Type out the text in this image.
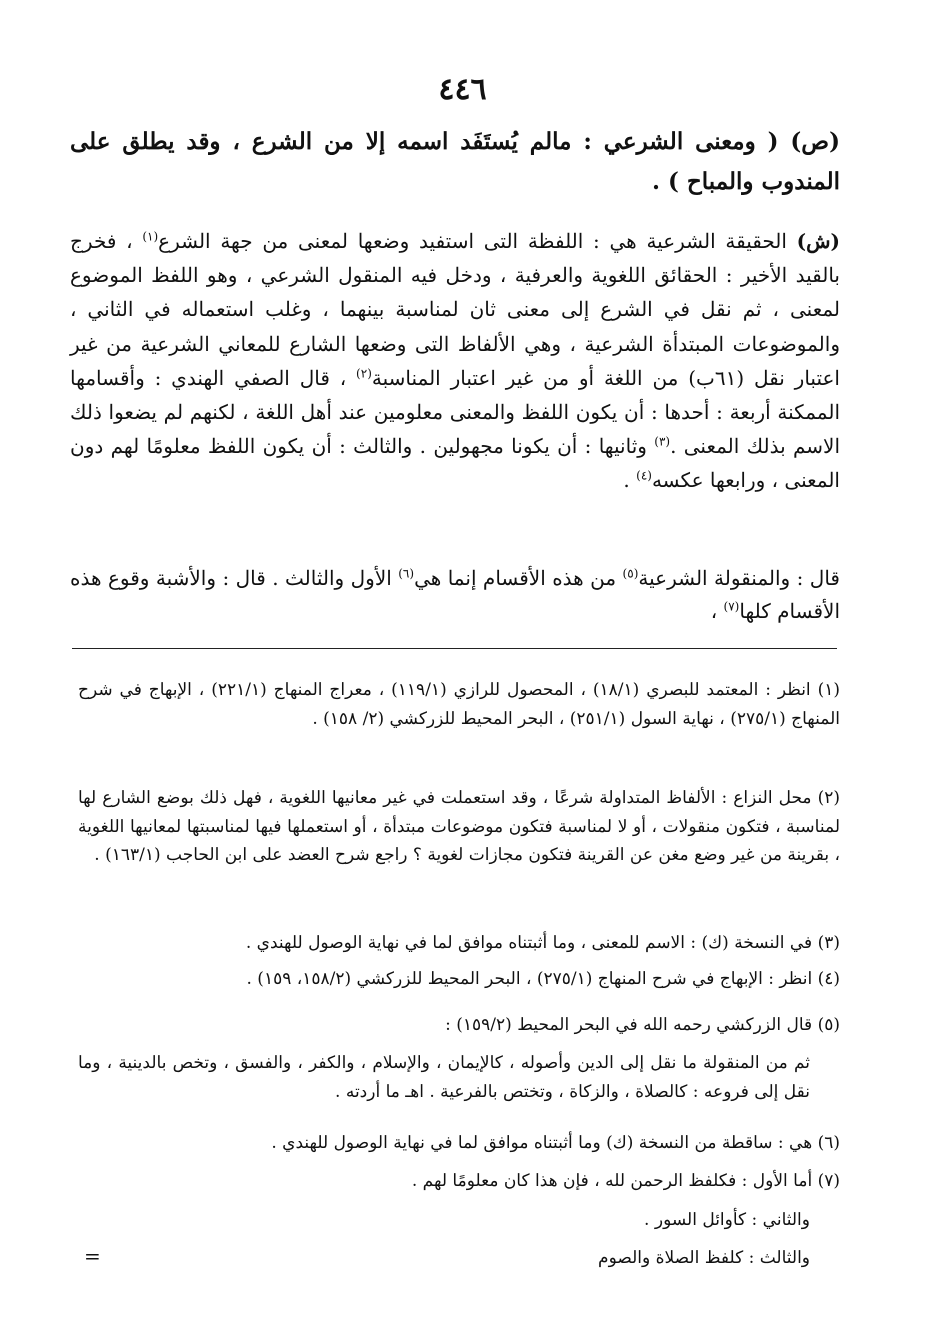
٤٤٦
(ص) ( ومعنى الشرعي : مالم يُستَفَد اسمه إلا من الشرع ، وقد يطلق على المندوب والمباح ) .
(ش) الحقيقة الشرعية هي : اللفظة التى استفيد وضعها لمعنى من جهة الشرع$^{(١)}$ ، فخرج بالقيد الأخير : الحقائق اللغوية والعرفية ، ودخل فيه المنقول الشرعي ، وهو اللفظ الموضوع لمعنى ، ثم نقل في الشرع إلى معنى ثان لمناسبة بينهما ، وغلب استعماله في الثاني ، والموضوعات المبتدأة الشرعية ، وهي الألفاظ التى وضعها الشارع للمعاني الشرعية من غير اعتبار نقل (٦١ب) من اللغة أو من غير اعتبار المناسبة$^{(٢)}$ ، قال الصفي الهندي : وأقسامها الممكنة أربعة : أحدها : أن يكون اللفظ والمعنى معلومين عند أهل اللغة ، لكنهم لم يضعوا ذلك الاسم بذلك المعنى .$^{(٣)}$ وثانيها : أن يكونا مجهولين . والثالث : أن يكون اللفظ معلومًا لهم دون المعنى ، ورابعها عكسه$^{(٤)}$ .
قال : والمنقولة الشرعية$^{(٥)}$ من هذه الأقسام إنما هي$^{(٦)}$ الأول والثالث . قال : والأشبة وقوع هذه الأقسام كلها$^{(٧)}$ ،
(١) انظر : المعتمد للبصري (١٨/١) ، المحصول للرازي (١١٩/١) ، معراج المنهاج (٢٢١/١) ، الإبهاج في شرح المنهاج (٢٧٥/١) ، نهاية السول (٢٥١/١) ، البحر المحيط للزركشي (٢/ ١٥٨) .
(٢) محل النزاع : الألفاظ المتداولة شرعًا ، وقد استعملت في غير معانيها اللغوية ، فهل ذلك بوضع الشارع لها لمناسبة ، فتكون منقولات ، أو لا لمناسبة فتكون موضوعات مبتدأة ، أو استعملها فيها لمناسبتها لمعانيها اللغوية ، بقرينة من غير وضع مغن عن القرينة فتكون مجازات لغوية ؟ راجع شرح العضد على ابن الحاجب (١٦٣/١) .
(٣) في النسخة (ك) : الاسم للمعنى ، وما أثبتناه موافق لما في نهاية الوصول للهندي .
(٤) انظر : الإبهاج في شرح المنهاج (٢٧٥/١) ، البحر المحيط للزركشي (١٥٨/٢، ١٥٩) .
(٥) قال الزركشي رحمه الله في البحر المحيط (١٥٩/٢) :
ثم من المنقولة ما نقل إلى الدين وأصوله ، كالإيمان ، والإسلام ، والكفر ، والفسق ، وتخص بالدينية ، وما نقل إلى فروعه : كالصلاة ، والزكاة ، وتختص بالفرعية . اهـ ما أردته .
(٦) هي : ساقطة من النسخة (ك) وما أثبتناه موافق لما في نهاية الوصول للهندي .
(٧) أما الأول : فكلفظ الرحمن لله ، فإن هذا كان معلومًا لهم .
والثاني : كأوائل السور .
والثالث : كلفظ الصلاة والصوم
=
